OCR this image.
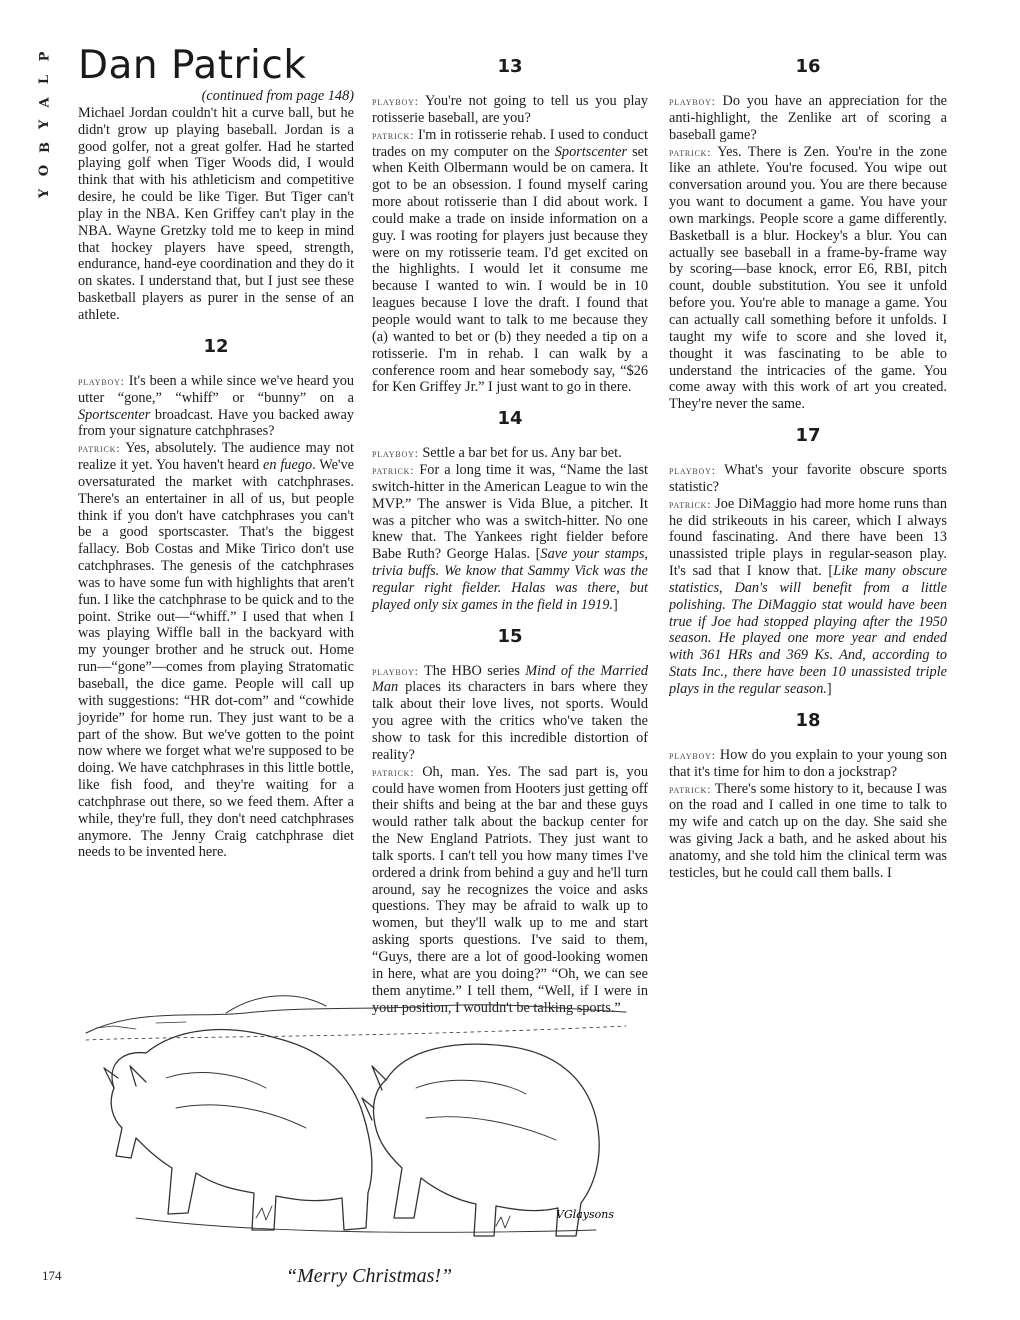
P
L
A
Y
B
O
Y
Dan Patrick

(continued from page 148)

Michael Jordan couldn't hit a curve ball, but he didn't grow up playing baseball. Jordan is a good golfer, not a great golfer. Had he started playing golf when Tiger Woods did, I would think that with his athleticism and competitive desire, he could be like Tiger. But Tiger can't play in the NBA. Ken Griffey can't play in the NBA. Wayne Gretzky told me to keep in mind that hockey players have speed, strength, endurance, hand-eye coordination and they do it on skates. I understand that, but I just see these basketball players as purer in the sense of an athlete.

12

playboy: It's been a while since we've heard you utter “gone,” “whiff” or “bunny” on a Sportscenter broadcast. Have you backed away from your signature catchphrases?

patrick: Yes, absolutely. The audience may not realize it yet. You haven't heard en fuego. We've oversaturated the market with catchphrases. There's an entertainer in all of us, but people think if you don't have catchphrases you can't be a good sportscaster. That's the biggest fallacy. Bob Costas and Mike Tirico don't use catchphrases. The genesis of the catchphrases was to have some fun with highlights that aren't fun. I like the catchphrase to be quick and to the point. Strike out—“whiff.” I used that when I was playing Wiffle ball in the backyard with my younger brother and he struck out. Home run—“gone”—comes from playing Stratomatic baseball, the dice game. People will call up with suggestions: “HR dot-com” and “cowhide joyride” for home run. They just want to be a part of the show. But we've gotten to the point now where we forget what we're supposed to be doing. We have catchphrases in this little bottle, like fish food, and they're waiting for a catchphrase out there, so we feed them. After a while, they're full, they don't need catchphrases anymore. The Jenny Craig catchphrase diet needs to be invented here.

13

playboy: You're not going to tell us you play rotisserie baseball, are you?

patrick: I'm in rotisserie rehab. I used to conduct trades on my computer on the Sportscenter set when Keith Olbermann would be on camera. It got to be an obsession. I found myself caring more about rotisserie than I did about work. I could make a trade on inside information on a guy. I was rooting for players just because they were on my rotisserie team. I'd get excited on the highlights. I would let it consume me because I wanted to win. I would be in 10 leagues because I love the draft. I found that people would want to talk to me because they (a) wanted to bet or (b) they needed a tip on a rotisserie. I'm in rehab. I can walk by a conference room and hear somebody say, “$26 for Ken Griffey Jr.” I just want to go in there.

14

playboy: Settle a bar bet for us. Any bar bet.

patrick: For a long time it was, “Name the last switch-hitter in the American League to win the MVP.” The answer is Vida Blue, a pitcher. It was a pitcher who was a switch-hitter. No one knew that. The Yankees right fielder before Babe Ruth? George Halas. [Save your stamps, trivia buffs. We know that Sammy Vick was the regular right fielder. Halas was there, but played only six games in the field in 1919.]

15

playboy: The HBO series Mind of the Married Man places its characters in bars where they talk about their love lives, not sports. Would you agree with the critics who've taken the show to task for this incredible distortion of reality?

patrick: Oh, man. Yes. The sad part is, you could have women from Hooters just getting off their shifts and being at the bar and these guys would rather talk about the backup center for the New England Patriots. They just want to talk sports. I can't tell you how many times I've ordered a drink from behind a guy and he'll turn around, say he recognizes the voice and asks questions. They may be afraid to walk up to women, but they'll walk up to me and start asking sports questions. I've said to them, “Guys, there are a lot of good-looking women in here, what are you doing?” “Oh, we can see them anytime.” I tell them, “Well, if I were in your position, I wouldn't be talking sports.”

16

playboy: Do you have an appreciation for the anti-highlight, the Zenlike art of scoring a baseball game?

patrick: Yes. There is Zen. You're in the zone like an athlete. You're focused. You wipe out conversation around you. You are there because you want to document a game. You have your own markings. People score a game differently. Basketball is a blur. Hockey's a blur. You can actually see baseball in a frame-by-frame way by scoring—base knock, error E6, RBI, pitch count, double substitution. You see it unfold before you. You're able to manage a game. You can actually call something before it unfolds. I taught my wife to score and she loved it, thought it was fascinating to be able to understand the intricacies of the game. You come away with this work of art you created. They're never the same.

17

playboy: What's your favorite obscure sports statistic?

patrick: Joe DiMaggio had more home runs than he did strikeouts in his career, which I always found fascinating. And there have been 13 unassisted triple plays in regular-season play. It's sad that I know that. [Like many obscure statistics, Dan's will benefit from a little polishing. The DiMaggio stat would have been true if Joe had stopped playing after the 1950 season. He played one more year and ended with 361 HRs and 369 Ks. And, according to Stats Inc., there have been 10 unassisted triple plays in the regular season.]

18

playboy: How do you explain to your young son that it's time for him to don a jockstrap?

patrick: There's some history to it, because I was on the road and I called in one time to talk to my wife and catch up on the day. She said she was giving Jack a bath, and he asked about his anatomy, and she told him the clinical term was testicles, but he could call them balls. I

VGlaysons

“Merry Christmas!”

174
